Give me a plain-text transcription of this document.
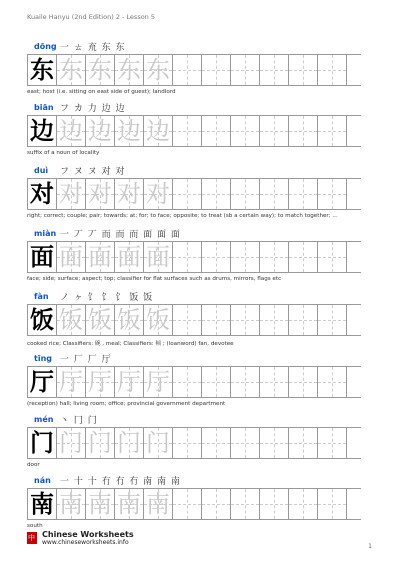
Kuaile Hanyu (2nd Edition) 2 - Lesson 5
dōng 一 ㄊ 㐬 东 东
东 东 东 东 东
east; host (i.e. sitting on east side of guest); landlord
biān フ カ 力 边 边
边 边 边 边 边
suffix of a noun of locality
duì フ ヌ ヌ 对 对
对 对 对 对 对
right; correct; couple; pair; towards; at; for; to face; opposite; to treat (sb a certain way); to match together; ...
miàn 一 丆 丆 而 而 而 面 面 面
面 面 面 面 面
face; side; surface; aspect; top; classifier for flat surfaces such as drums, mirrors, flags etc
fàn ノ ヶ 饣 饣 饣 饭 饭
饭 饭 饭 饭 饭
cooked rice; Classifiers: 碗 , meal; Classifiers: 顿 ; (loanword) fan, devotee
tīng 一 厂 厂 厅
厅 厅 厅 厅 厅
(reception) hall; living room; office; provincial government department
mén 丶 冂 门
门 门 门 门 门
door
nán 一 十 十 冇 冇 冇 南 南 南
南 南 南 南 南
south
中
Chinese Worksheets
www.chineseworksheets.info
1
